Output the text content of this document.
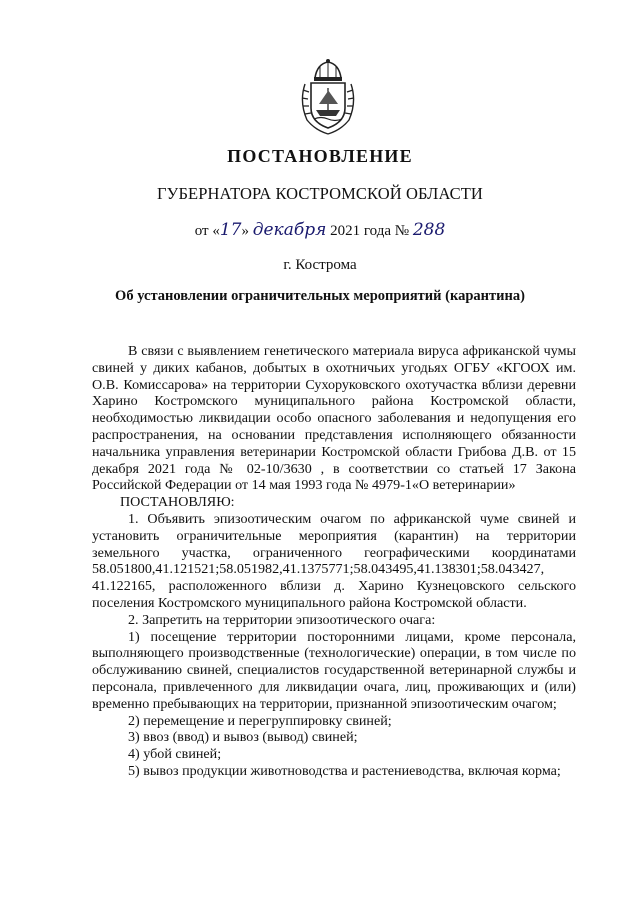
ПОСТАНОВЛЕНИЕ
ГУБЕРНАТОРА КОСТРОМСКОЙ ОБЛАСТИ
от «17» декабря 2021 года № 288
г. Кострома
Об установлении ограничительных мероприятий (карантина)

В связи с выявлением генетического материала вируса африканской чумы свиней у диких кабанов, добытых в охотничьих угодьях ОГБУ «КГООХ им. О.В. Комиссарова» на территории Сухоруковского охотучастка вблизи деревни Харино Костромского муниципального района Костромской области, необходимостью ликвидации особо опасного заболевания и недопущения его распространения, на основании представления исполняющего обязанности начальника управления ветеринарии Костромской области Грибова Д.В. от 15 декабря 2021 года № 02-10/3630 , в соответствии со статьей 17 Закона Российской Федерации от 14 мая 1993 года № 4979-1«О ветеринарии»

ПОСТАНОВЛЯЮ:

1. Объявить эпизоотическим очагом по африканской чуме свиней и установить ограничительные мероприятия (карантин) на территории земельного участка, ограниченного географическими координатами 58.051800,41.121521;58.051982,41.1375771;58.043495,41.138301;58.043427, 41.122165, расположенного вблизи д. Харино Кузнецовского сельского поселения Костромского муниципального района Костромской области.

2. Запретить на территории эпизоотического очага:

1) посещение территории посторонними лицами, кроме персонала, выполняющего производственные (технологические) операции, в том числе по обслуживанию свиней, специалистов государственной ветеринарной службы и персонала, привлеченного для ликвидации очага, лиц, проживающих и (или) временно пребывающих на территории, признанной эпизоотическим очагом;

2) перемещение и перегруппировку свиней;

3) ввоз (ввод) и вывоз (вывод) свиней;

4) убой свиней;

5) вывоз продукции животноводства и растениеводства, включая корма;
